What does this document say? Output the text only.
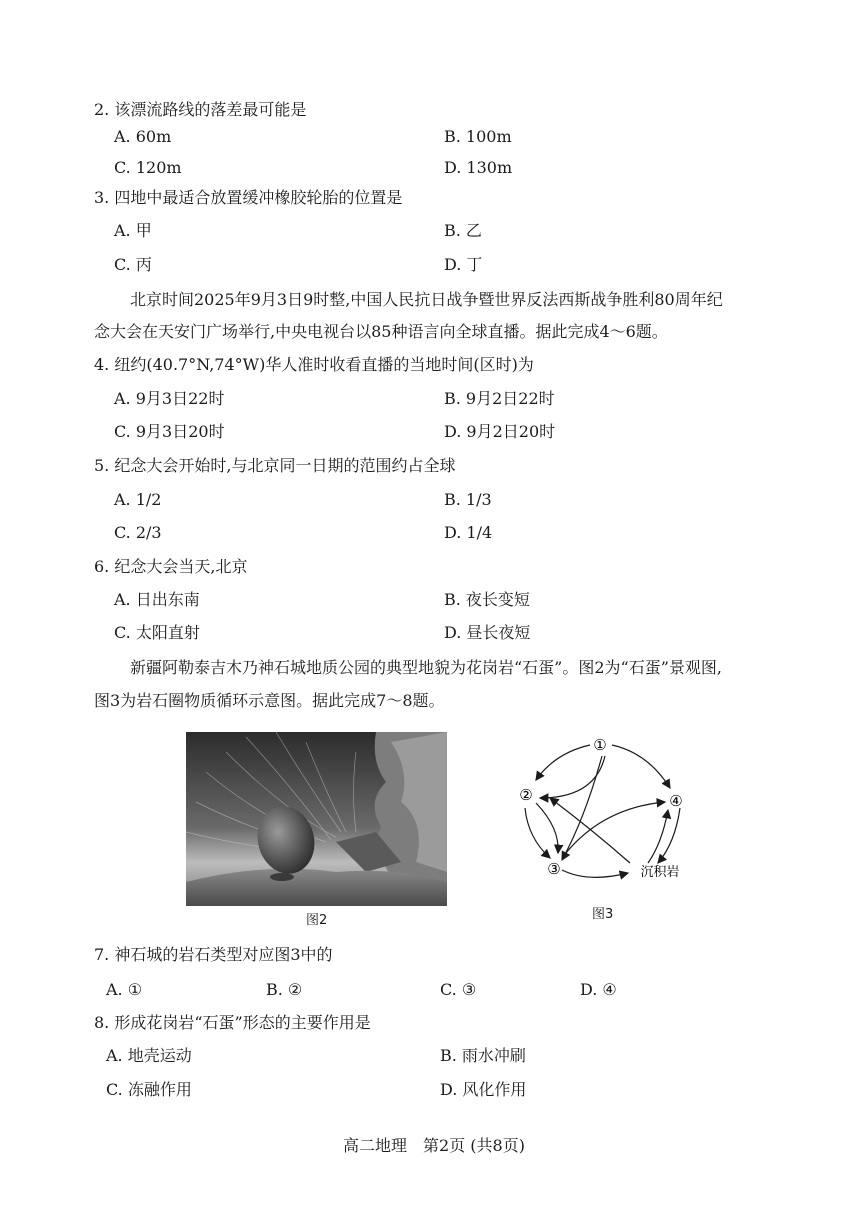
2. 该漂流路线的落差最可能是
A. 60m	B. 100m
C. 120m	D. 130m
3. 四地中最适合放置缓冲橡胶轮胎的位置是
A. 甲	B. 乙
C. 丙	D. 丁
北京时间2025年9月3日9时整,中国人民抗日战争暨世界反法西斯战争胜利80周年纪
念大会在天安门广场举行,中央电视台以85种语言向全球直播。据此完成4～6题。
4. 纽约(40.7°N,74°W)华人准时收看直播的当地时间(区时)为
A. 9月3日22时	B. 9月2日22时
C. 9月3日20时	D. 9月2日20时
5. 纪念大会开始时,与北京同一日期的范围约占全球
A. 1/2	B. 1/3
C. 2/3	D. 1/4
6. 纪念大会当天,北京
A. 日出东南	B. 夜长变短
C. 太阳直射	D. 昼长夜短
新疆阿勒泰吉木乃神石城地质公园的典型地貌为花岗岩“石蛋”。图2为“石蛋”景观图,
图3为岩石圈物质循环示意图。据此完成7～8题。
图2
①
②
③
④
沉积岩
图3
7. 神石城的岩石类型对应图3中的
A. ①	B. ②	C. ③	D. ④
8. 形成花岗岩“石蛋”形态的主要作用是
A. 地壳运动	B. 雨水冲刷
C. 冻融作用	D. 风化作用
高二地理　第2页 (共8页)
